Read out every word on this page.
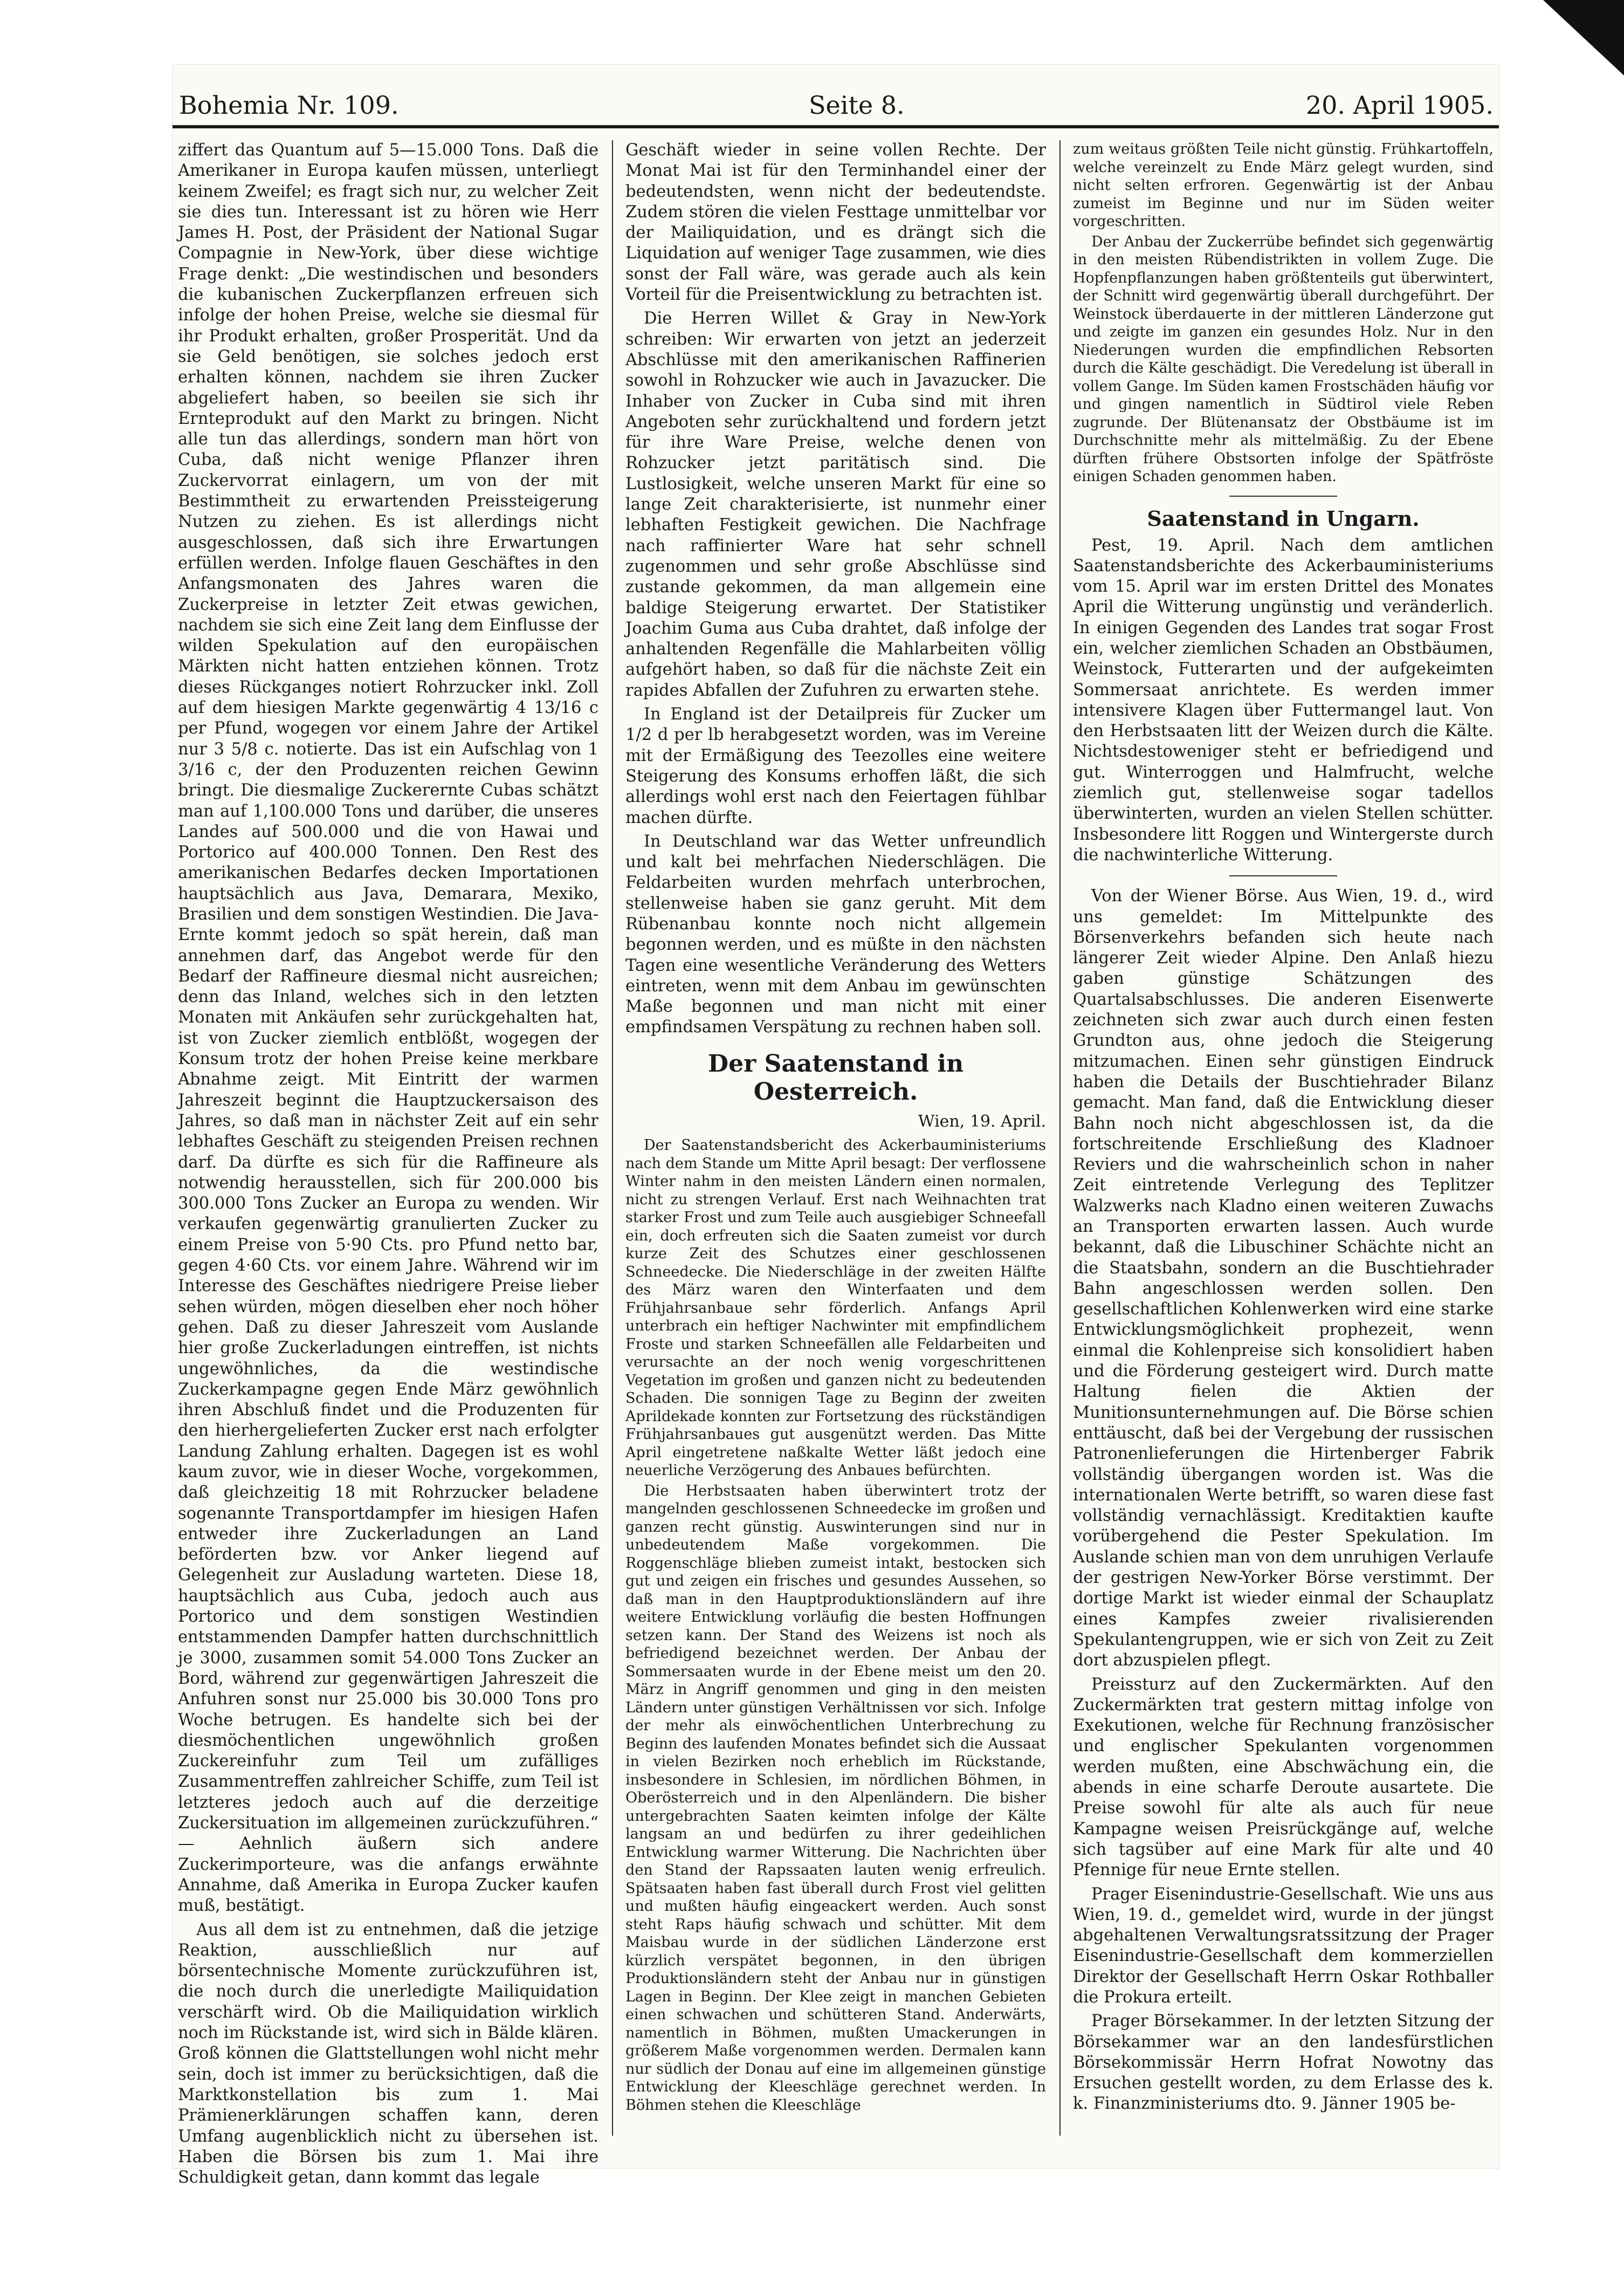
Bohemia Nr. 109.	Seite 8.	20. April 1905.

ziffert das Quantum auf 5—15.000 Tons. Daß die Amerikaner in Europa kaufen müssen, unterliegt keinem Zweifel; es fragt sich nur, zu welcher Zeit sie dies tun. Interessant ist zu hören wie Herr James H. Post, der Präsident der National Sugar Compagnie in New-York, über diese wichtige Frage denkt: „Die westindischen und besonders die kubanischen Zuckerpflanzen erfreuen sich infolge der hohen Preise, welche sie diesmal für ihr Produkt erhalten, großer Prosperität. Und da sie Geld benötigen, sie solches jedoch erst erhalten können, nachdem sie ihren Zucker abgeliefert haben, so beeilen sie sich ihr Ernteprodukt auf den Markt zu bringen. Nicht alle tun das allerdings, sondern man hört von Cuba, daß nicht wenige Pflanzer ihren Zuckervorrat einlagern, um von der mit Bestimmtheit zu erwartenden Preissteigerung Nutzen zu ziehen. Es ist allerdings nicht ausgeschlossen, daß sich ihre Erwartungen erfüllen werden. Infolge flauen Geschäftes in den Anfangsmonaten des Jahres waren die Zuckerpreise in letzter Zeit etwas gewichen, nachdem sie sich eine Zeit lang dem Einflusse der wilden Spekulation auf den europäischen Märkten nicht hatten entziehen können. Trotz dieses Rückganges notiert Rohrzucker inkl. Zoll auf dem hiesigen Markte gegenwärtig 4 13/16 c per Pfund, wogegen vor einem Jahre der Artikel nur 3 5/8 c. notierte. Das ist ein Aufschlag von 1 3/16 c, der den Produzenten reichen Gewinn bringt. Die diesmalige Zuckerernte Cubas schätzt man auf 1,100.000 Tons und darüber, die unseres Landes auf 500.000 und die von Hawai und Portorico auf 400.000 Tonnen. Den Rest des amerikanischen Bedarfes decken Importationen hauptsächlich aus Java, Demarara, Mexiko, Brasilien und dem sonstigen Westindien. Die Java-Ernte kommt jedoch so spät herein, daß man annehmen darf, das Angebot werde für den Bedarf der Raffineure diesmal nicht ausreichen; denn das Inland, welches sich in den letzten Monaten mit Ankäufen sehr zurückgehalten hat, ist von Zucker ziemlich entblößt, wogegen der Konsum trotz der hohen Preise keine merkbare Abnahme zeigt. Mit Eintritt der warmen Jahreszeit beginnt die Hauptzuckersaison des Jahres, so daß man in nächster Zeit auf ein sehr lebhaftes Geschäft zu steigenden Preisen rechnen darf. Da dürfte es sich für die Raffineure als notwendig herausstellen, sich für 200.000 bis 300.000 Tons Zucker an Europa zu wenden. Wir verkaufen gegenwärtig granulierten Zucker zu einem Preise von 5·90 Cts. pro Pfund netto bar, gegen 4·60 Cts. vor einem Jahre. Während wir im Interesse des Geschäftes niedrigere Preise lieber sehen würden, mögen dieselben eher noch höher gehen. Daß zu dieser Jahreszeit vom Auslande hier große Zuckerladungen eintreffen, ist nichts ungewöhnliches, da die westindische Zuckerkampagne gegen Ende März gewöhnlich ihren Abschluß findet und die Produzenten für den hierhergelieferten Zucker erst nach erfolgter Landung Zahlung erhalten. Dagegen ist es wohl kaum zuvor, wie in dieser Woche, vorgekommen, daß gleichzeitig 18 mit Rohrzucker beladene sogenannte Transportdampfer im hiesigen Hafen entweder ihre Zuckerladungen an Land beförderten bzw. vor Anker liegend auf Gelegenheit zur Ausladung warteten. Diese 18, hauptsächlich aus Cuba, jedoch auch aus Portorico und dem sonstigen Westindien entstammenden Dampfer hatten durchschnittlich je 3000, zusammen somit 54.000 Tons Zucker an Bord, während zur gegenwärtigen Jahreszeit die Anfuhren sonst nur 25.000 bis 30.000 Tons pro Woche betrugen. Es handelte sich bei der diesmöchentlichen ungewöhnlich großen Zuckereinfuhr zum Teil um zufälliges Zusammentreffen zahlreicher Schiffe, zum Teil ist letzteres jedoch auch auf die derzeitige Zuckersituation im allgemeinen zurückzuführen.“ — Aehnlich äußern sich andere Zuckerimporteure, was die anfangs erwähnte Annahme, daß Amerika in Europa Zucker kaufen muß, bestätigt.

Aus all dem ist zu entnehmen, daß die jetzige Reaktion, ausschließlich nur auf börsentechnische Momente zurückzuführen ist, die noch durch die unerledigte Mailiquidation verschärft wird. Ob die Mailiquidation wirklich noch im Rückstande ist, wird sich in Bälde klären. Groß können die Glattstellungen wohl nicht mehr sein, doch ist immer zu berücksichtigen, daß die Marktkonstellation bis zum 1. Mai Prämienerklärungen schaffen kann, deren Umfang augenblicklich nicht zu übersehen ist. Haben die Börsen bis zum 1. Mai ihre Schuldigkeit getan, dann kommt das legale

Geschäft wieder in seine vollen Rechte. Der Monat Mai ist für den Terminhandel einer der bedeutendsten, wenn nicht der bedeutendste. Zudem stören die vielen Festtage unmittelbar vor der Mailiquidation, und es drängt sich die Liquidation auf weniger Tage zusammen, wie dies sonst der Fall wäre, was gerade auch als kein Vorteil für die Preisentwicklung zu betrachten ist.

Die Herren Willet & Gray in New-York schreiben: Wir erwarten von jetzt an jederzeit Abschlüsse mit den amerikanischen Raffinerien sowohl in Rohzucker wie auch in Javazucker. Die Inhaber von Zucker in Cuba sind mit ihren Angeboten sehr zurückhaltend und fordern jetzt für ihre Ware Preise, welche denen von Rohzucker jetzt paritätisch sind. Die Lustlosigkeit, welche unseren Markt für eine so lange Zeit charakterisierte, ist nunmehr einer lebhaften Festigkeit gewichen. Die Nachfrage nach raffinierter Ware hat sehr schnell zugenommen und sehr große Abschlüsse sind zustande gekommen, da man allgemein eine baldige Steigerung erwartet. Der Statistiker Joachim Guma aus Cuba drahtet, daß infolge der anhaltenden Regenfälle die Mahlarbeiten völlig aufgehört haben, so daß für die nächste Zeit ein rapides Abfallen der Zufuhren zu erwarten stehe.

In England ist der Detailpreis für Zucker um 1/2 d per lb herabgesetzt worden, was im Vereine mit der Ermäßigung des Teezolles eine weitere Steigerung des Konsums erhoffen läßt, die sich allerdings wohl erst nach den Feiertagen fühlbar machen dürfte.

In Deutschland war das Wetter unfreundlich und kalt bei mehrfachen Niederschlägen. Die Feldarbeiten wurden mehrfach unterbrochen, stellenweise haben sie ganz geruht. Mit dem Rübenanbau konnte noch nicht allgemein begonnen werden, und es müßte in den nächsten Tagen eine wesentliche Veränderung des Wetters eintreten, wenn mit dem Anbau im gewünschten Maße begonnen und man nicht mit einer empfindsamen Verspätung zu rechnen haben soll.

Der Saatenstand in Oesterreich.
Wien, 19. April.

Der Saatenstandsbericht des Ackerbauministeriums nach dem Stande um Mitte April besagt: Der verflossene Winter nahm in den meisten Ländern einen normalen, nicht zu strengen Verlauf. Erst nach Weihnachten trat starker Frost und zum Teile auch ausgiebiger Schneefall ein, doch erfreuten sich die Saaten zumeist vor durch kurze Zeit des Schutzes einer geschlossenen Schneedecke. Die Niederschläge in der zweiten Hälfte des März waren den Winterfaaten und dem Frühjahrsanbaue sehr förderlich. Anfangs April unterbrach ein heftiger Nachwinter mit empfindlichem Froste und starken Schneefällen alle Feldarbeiten und verursachte an der noch wenig vorgeschrittenen Vegetation im großen und ganzen nicht zu bedeutenden Schaden. Die sonnigen Tage zu Beginn der zweiten Aprildekade konnten zur Fortsetzung des rückständigen Frühjahrsanbaues gut ausgenützt werden. Das Mitte April eingetretene naßkalte Wetter läßt jedoch eine neuerliche Verzögerung des Anbaues befürchten.

Die Herbstsaaten haben überwintert trotz der mangelnden geschlossenen Schneedecke im großen und ganzen recht günstig. Auswinterungen sind nur in unbedeutendem Maße vorgekommen. Die Roggenschläge blieben zumeist intakt, bestocken sich gut und zeigen ein frisches und gesundes Aussehen, so daß man in den Hauptproduktionsländern auf ihre weitere Entwicklung vorläufig die besten Hoffnungen setzen kann. Der Stand des Weizens ist noch als befriedigend bezeichnet werden. Der Anbau der Sommersaaten wurde in der Ebene meist um den 20. März in Angriff genommen und ging in den meisten Ländern unter günstigen Verhältnissen vor sich. Infolge der mehr als einwöchentlichen Unterbrechung zu Beginn des laufenden Monates befindet sich die Aussaat in vielen Bezirken noch erheblich im Rückstande, insbesondere in Schlesien, im nördlichen Böhmen, in Oberösterreich und in den Alpenländern. Die bisher untergebrachten Saaten keimten infolge der Kälte langsam an und bedürfen zu ihrer gedeihlichen Entwicklung warmer Witterung. Die Nachrichten über den Stand der Rapssaaten lauten wenig erfreulich. Spätsaaten haben fast überall durch Frost viel gelitten und mußten häufig eingeackert werden. Auch sonst steht Raps häufig schwach und schütter. Mit dem Maisbau wurde in der südlichen Länderzone erst kürzlich verspätet begonnen, in den übrigen Produktionsländern steht der Anbau nur in günstigen Lagen in Beginn. Der Klee zeigt in manchen Gebieten einen schwachen und schütteren Stand. Anderwärts, namentlich in Böhmen, mußten Umackerungen in größerem Maße vorgenommen werden. Dermalen kann nur südlich der Donau auf eine im allgemeinen günstige Entwicklung der Kleeschläge gerechnet werden. In Böhmen stehen die Kleeschläge

zum weitaus größten Teile nicht günstig. Frühkartoffeln, welche vereinzelt zu Ende März gelegt wurden, sind nicht selten erfroren. Gegenwärtig ist der Anbau zumeist im Beginne und nur im Süden weiter vorgeschritten.

Der Anbau der Zuckerrübe befindet sich gegenwärtig in den meisten Rübendistrikten in vollem Zuge. Die Hopfenpflanzungen haben größtenteils gut überwintert, der Schnitt wird gegenwärtig überall durchgeführt. Der Weinstock überdauerte in der mittleren Länderzone gut und zeigte im ganzen ein gesundes Holz. Nur in den Niederungen wurden die empfindlichen Rebsorten durch die Kälte geschädigt. Die Veredelung ist überall in vollem Gange. Im Süden kamen Frostschäden häufig vor und gingen namentlich in Südtirol viele Reben zugrunde. Der Blütenansatz der Obstbäume ist im Durchschnitte mehr als mittelmäßig. Zu der Ebene dürften frühere Obstsorten infolge der Spätfröste einigen Schaden genommen haben.

Saatenstand in Ungarn.

Pest, 19. April. Nach dem amtlichen Saatenstandsberichte des Ackerbauministeriums vom 15. April war im ersten Drittel des Monates April die Witterung ungünstig und veränderlich. In einigen Gegenden des Landes trat sogar Frost ein, welcher ziemlichen Schaden an Obstbäumen, Weinstock, Futterarten und der aufgekeimten Sommersaat anrichtete. Es werden immer intensivere Klagen über Futtermangel laut. Von den Herbstsaaten litt der Weizen durch die Kälte. Nichtsdestoweniger steht er befriedigend und gut. Winterroggen und Halmfrucht, welche ziemlich gut, stellenweise sogar tadellos überwinterten, wurden an vielen Stellen schütter. Insbesondere litt Roggen und Wintergerste durch die nachwinterliche Witterung.

Von der Wiener Börse. Aus Wien, 19. d., wird uns gemeldet: Im Mittelpunkte des Börsenverkehrs befanden sich heute nach längerer Zeit wieder Alpine. Den Anlaß hiezu gaben günstige Schätzungen des Quartalsabschlusses. Die anderen Eisenwerte zeichneten sich zwar auch durch einen festen Grundton aus, ohne jedoch die Steigerung mitzumachen. Einen sehr günstigen Eindruck haben die Details der Buschtiehrader Bilanz gemacht. Man fand, daß die Entwicklung dieser Bahn noch nicht abgeschlossen ist, da die fortschreitende Erschließung des Kladnoer Reviers und die wahrscheinlich schon in naher Zeit eintretende Verlegung des Teplitzer Walzwerks nach Kladno einen weiteren Zuwachs an Transporten erwarten lassen. Auch wurde bekannt, daß die Libuschiner Schächte nicht an die Staatsbahn, sondern an die Buschtiehrader Bahn angeschlossen werden sollen. Den gesellschaftlichen Kohlenwerken wird eine starke Entwicklungsmöglichkeit prophezeit, wenn einmal die Kohlenpreise sich konsolidiert haben und die Förderung gesteigert wird. Durch matte Haltung fielen die Aktien der Munitionsunternehmungen auf. Die Börse schien enttäuscht, daß bei der Vergebung der russischen Patronenlieferungen die Hirtenberger Fabrik vollständig übergangen worden ist. Was die internationalen Werte betrifft, so waren diese fast vollständig vernachlässigt. Kreditaktien kaufte vorübergehend die Pester Spekulation. Im Auslande schien man von dem unruhigen Verlaufe der gestrigen New-Yorker Börse verstimmt. Der dortige Markt ist wieder einmal der Schauplatz eines Kampfes zweier rivalisierenden Spekulantengruppen, wie er sich von Zeit zu Zeit dort abzuspielen pflegt.

Preissturz auf den Zuckermärkten. Auf den Zuckermärkten trat gestern mittag infolge von Exekutionen, welche für Rechnung französischer und englischer Spekulanten vorgenommen werden mußten, eine Abschwächung ein, die abends in eine scharfe Deroute ausartete. Die Preise sowohl für alte als auch für neue Kampagne weisen Preisrückgänge auf, welche sich tagsüber auf eine Mark für alte und 40 Pfennige für neue Ernte stellen.

Prager Eisenindustrie-Gesellschaft. Wie uns aus Wien, 19. d., gemeldet wird, wurde in der jüngst abgehaltenen Verwaltungsratssitzung der Prager Eisenindustrie-Gesellschaft dem kommerziellen Direktor der Gesellschaft Herrn Oskar Rothballer die Prokura erteilt.

Prager Börsekammer. In der letzten Sitzung der Börsekammer war an den landesfürstlichen Börsekommissär Herrn Hofrat Nowotny das Ersuchen gestellt worden, zu dem Erlasse des k. k. Finanzministeriums dto. 9. Jänner 1905 be-
